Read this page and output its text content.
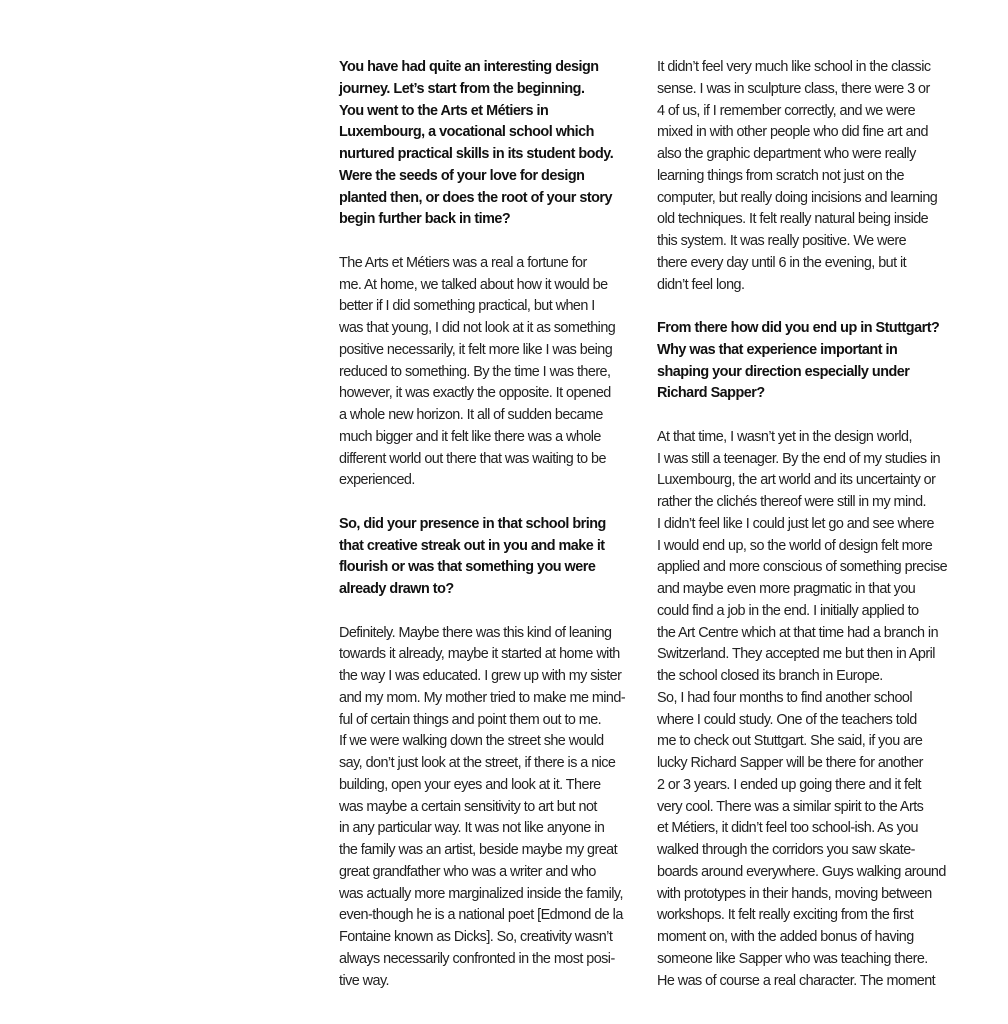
You have had quite an interesting design
journey. Let’s start from the beginning.
You went to the Arts et Métiers in
Luxembourg, a vocational school which
nurtured practical skills in its student body.
Were the seeds of your love for design
planted then, or does the root of your story
begin further back in time?
The Arts et Métiers was a real a fortune for
me. At home, we talked about how it would be
better if I did something practical, but when I
was that young, I did not look at it as something
positive necessarily, it felt more like I was being
reduced to something. By the time I was there,
however, it was exactly the opposite. It opened
a whole new horizon. It all of sudden became
much bigger and it felt like there was a whole
different world out there that was waiting to be
experienced.
So, did your presence in that school bring
that creative streak out in you and make it
flourish or was that something you were
already drawn to?
Definitely. Maybe there was this kind of leaning
towards it already, maybe it started at home with
the way I was educated. I grew up with my sister
and my mom. My mother tried to make me mind-
ful of certain things and point them out to me.
If we were walking down the street she would
say, don’t just look at the street, if there is a nice
building, open your eyes and look at it. There
was maybe a certain sensitivity to art but not
in any particular way. It was not like anyone in
the family was an artist, beside maybe my great
great grandfather who was a writer and who
was actually more marginalized inside the family,
even-though he is a national poet [Edmond de la
Fontaine known as Dicks]. So, creativity wasn’t
always necessarily confronted in the most posi-
tive way.
It didn’t feel very much like school in the classic
sense. I was in sculpture class, there were 3 or
4 of us, if I remember correctly, and we were
mixed in with other people who did fine art and
also the graphic department who were really
learning things from scratch not just on the
computer, but really doing incisions and learning
old techniques. It felt really natural being inside
this system. It was really positive. We were
there every day until 6 in the evening, but it
didn’t feel long.
From there how did you end up in Stuttgart?
Why was that experience important in
shaping your direction especially under
Richard Sapper?
At that time, I wasn’t yet in the design world,
I was still a teenager. By the end of my studies in
Luxembourg, the art world and its uncertainty or
rather the clichés thereof were still in my mind.
I didn’t feel like I could just let go and see where
I would end up, so the world of design felt more
applied and more conscious of something precise
and maybe even more pragmatic in that you
could find a job in the end. I initially applied to
the Art Centre which at that time had a branch in
Switzerland. They accepted me but then in April
the school closed its branch in Europe.
So, I had four months to find another school
where I could study. One of the teachers told
me to check out Stuttgart. She said, if you are
lucky Richard Sapper will be there for another
2 or 3 years. I ended up going there and it felt
very cool. There was a similar spirit to the Arts
et Métiers, it didn’t feel too school-ish. As you
walked through the corridors you saw skate-
boards around everywhere. Guys walking around
with prototypes in their hands, moving between
workshops. It felt really exciting from the first
moment on, with the added bonus of having
someone like Sapper who was teaching there.
He was of course a real character. The moment
